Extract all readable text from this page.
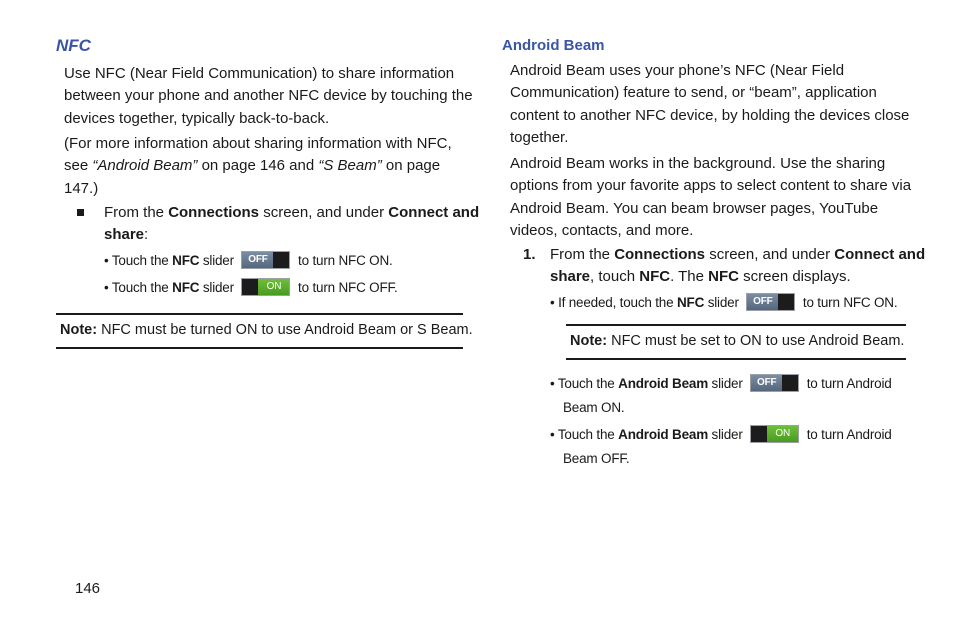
NFC

Use NFC (Near Field Communication) to share information
between your phone and another NFC device by touching the
devices together, typically back-to-back.

(For more information about sharing information with NFC,
see “Android Beam” on page 146 and “S Beam” on page
147.)

From the Connections screen, and under Connect and
share:

• Touch the NFC slider	OFF	to turn NFC ON.

• Touch the NFC slider	ON	to turn NFC OFF.

Note: NFC must be turned ON to use Android Beam or S Beam.

Android Beam

Android Beam uses your phone’s NFC (Near Field
Communication) feature to send, or “beam”, application
content to another NFC device, by holding the devices close
together.

Android Beam works in the background. Use the sharing
options from your favorite apps to select content to share via
Android Beam. You can beam browser pages, YouTube
videos, contacts, and more.

1. From the Connections screen, and under Connect and
share, touch NFC. The NFC screen displays.

• If needed, touch the NFC slider	OFF	to turn NFC ON.

Note: NFC must be set to ON to use Android Beam.

• Touch the Android Beam slider	OFF	to turn Android
Beam ON.

• Touch the Android Beam slider	ON	to turn Android
Beam OFF.

146
